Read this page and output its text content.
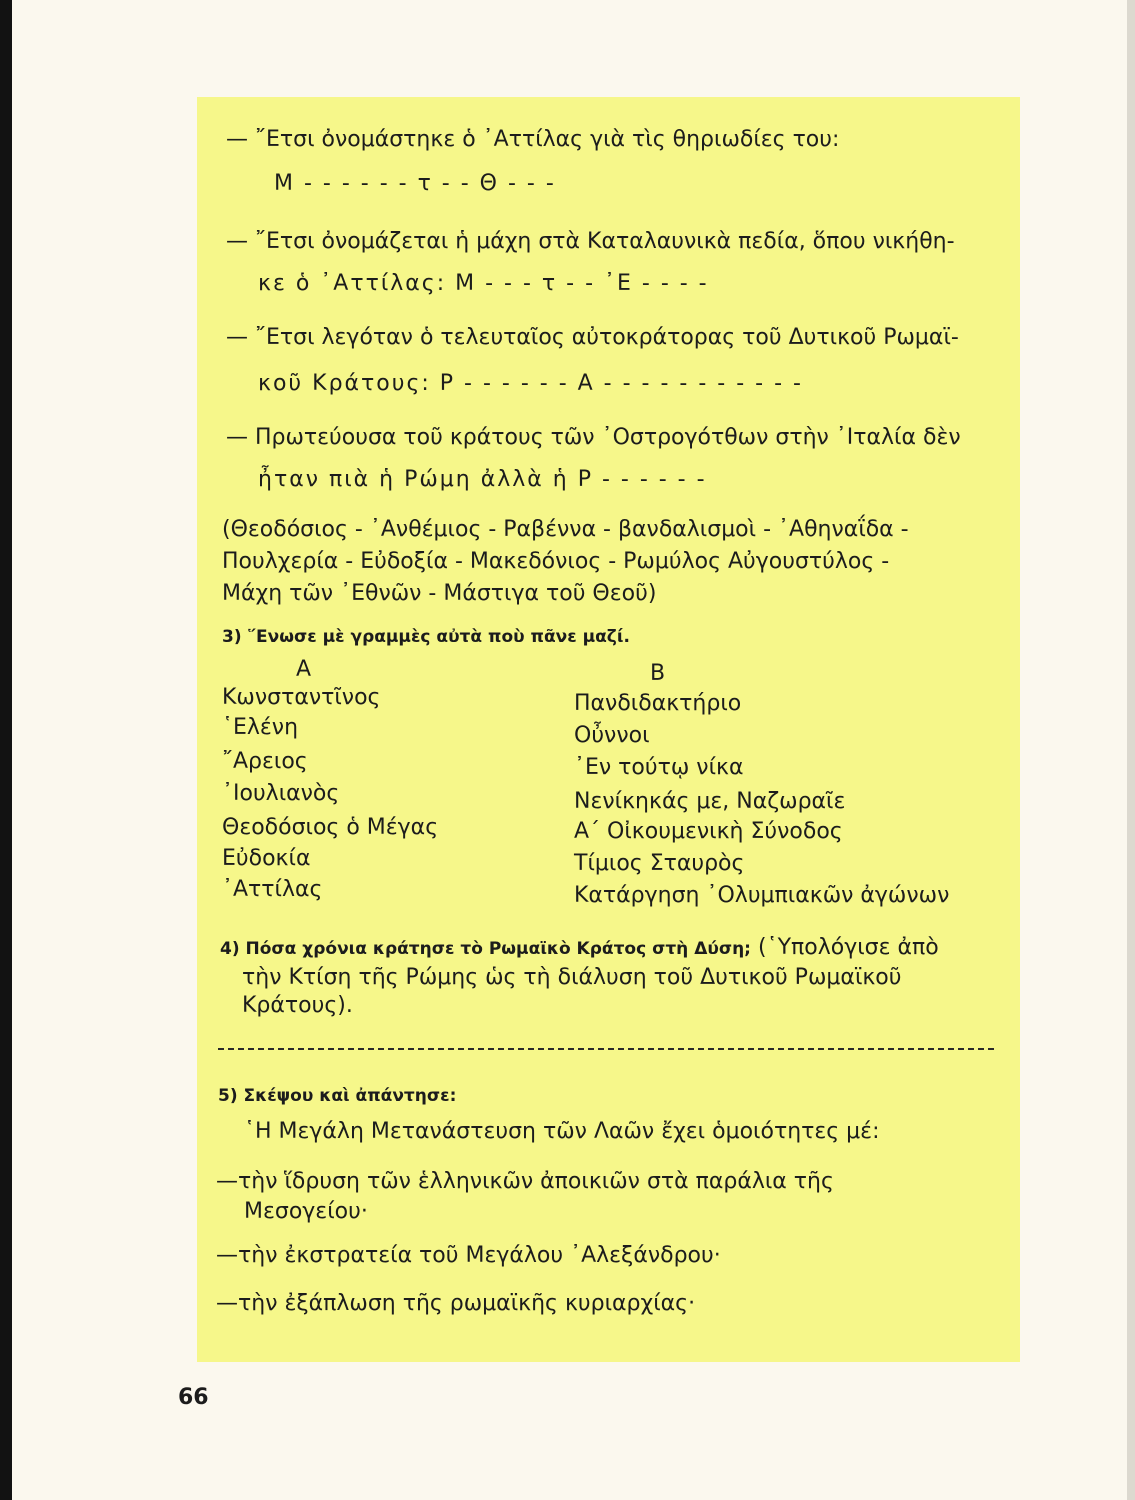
— ῎Ετσι ὀνομάστηκε ὁ ᾿Αττίλας γιὰ τὶς θηριωδίες του:
Μ - - - - - - τ - - Θ - - -
— ῎Ετσι ὀνομάζεται ἡ μάχη στὰ Καταλαυνικὰ πεδία, ὅπου νικήθη-
κε ὁ ᾿Αττίλας: Μ - - - τ - - ᾿Ε - - - -
— ῎Ετσι λεγόταν ὁ τελευταῖος αὐτοκράτορας τοῦ Δυτικοῦ Ρωμαϊ-
κοῦ Κράτους: Ρ - - - - - - Α - - - - - - - - - - -
— Πρωτεύουσα τοῦ κράτους τῶν ᾿Οστρογότθων στὴν ᾿Ιταλία δὲν
ἦταν πιὰ ἡ Ρώμη ἀλλὰ ἡ Ρ - - - - - -
(Θεοδόσιος - ᾿Ανθέμιος - Ραβέννα - βανδαλισμοὶ - ᾿Αθηναΐδα -
Πουλχερία - Εὐδοξία - Μακεδόνιος - Ρωμύλος Αὐγουστύλος -
Μάχη τῶν ᾿Εθνῶν - Μάστιγα τοῦ Θεοῦ)
3) ῞Ενωσε μὲ γραμμὲς αὐτὰ ποὺ πᾶνε μαζί.
Α	Β
Κωνσταντῖνος
῾Ελένη
῎Αρειος
᾿Ιουλιανὸς
Θεοδόσιος ὁ Μέγας
Εὐδοκία
᾿Αττίλας
Πανδιδακτήριο
Οὖννοι
᾿Εν τούτῳ νίκα
Νενίκηκάς με, Ναζωραῖε
Α΄ Οἰκουμενικὴ Σύνοδος
Τίμιος Σταυρὸς
Κατάργηση ᾿Ολυμπιακῶν ἀγώνων
4) Πόσα χρόνια κράτησε τὸ Ρωμαϊκὸ Κράτος στὴ Δύση; (῾Υπολόγισε ἀπὸ
τὴν Κτίση τῆς Ρώμης ὡς τὴ διάλυση τοῦ Δυτικοῦ Ρωμαϊκοῦ
Κράτους).
5) Σκέψου καὶ ἀπάντησε:
῾Η Μεγάλη Μετανάστευση τῶν Λαῶν ἔχει ὁμοιότητες μέ:
—τὴν ἵδρυση τῶν ἑλληνικῶν ἀποικιῶν στὰ παράλια τῆς
Μεσογείου·
—τὴν ἐκστρατεία τοῦ Μεγάλου ᾿Αλεξάνδρου·
—τὴν ἐξάπλωση τῆς ρωμαϊκῆς κυριαρχίας·
66
